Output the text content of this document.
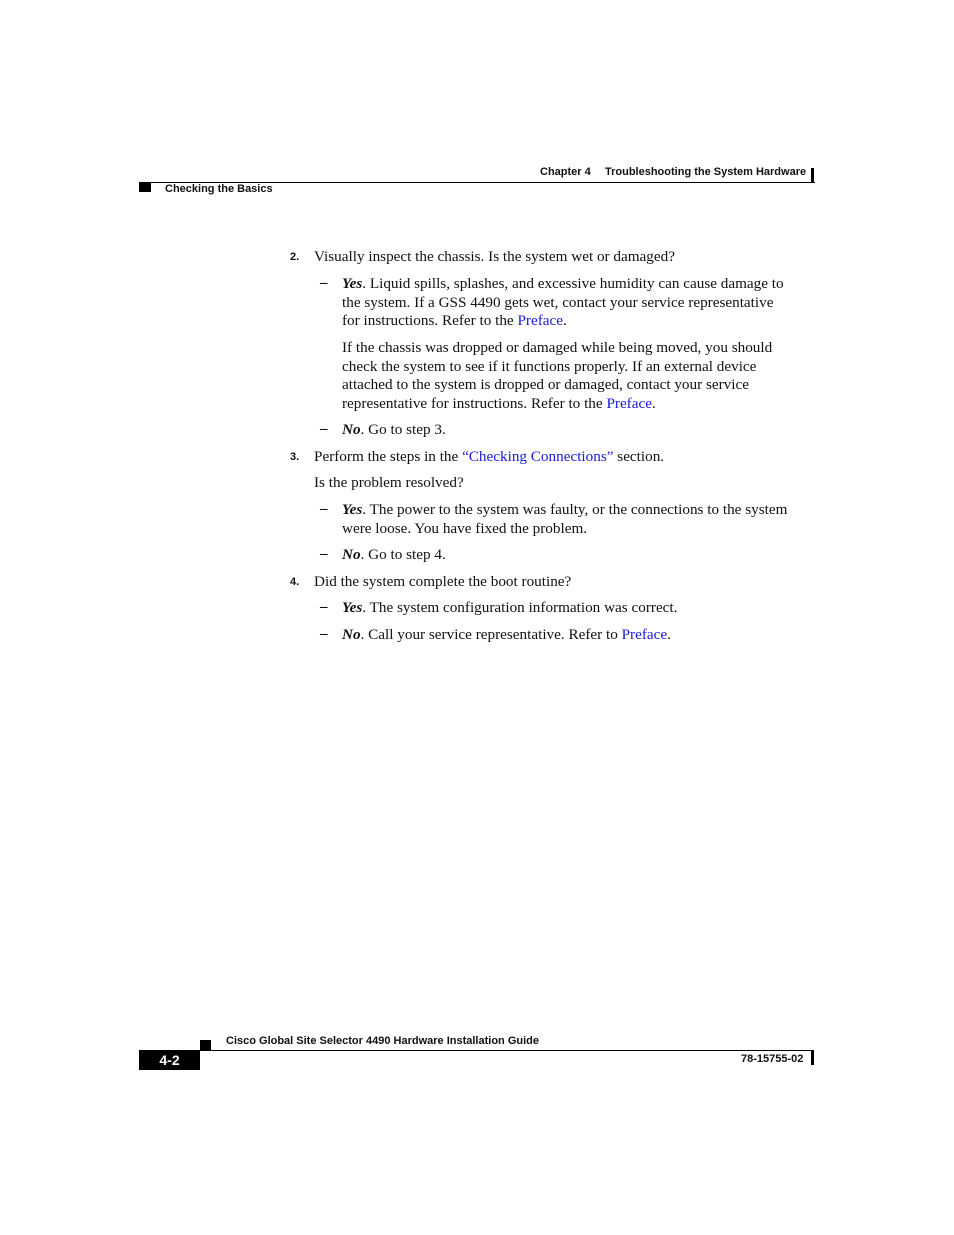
Chapter 4 Troubleshooting the System Hardware
Checking the Basics
2. Visually inspect the chassis. Is the system wet or damaged?
– Yes. Liquid spills, splashes, and excessive humidity can cause damage to
the system. If a GSS 4490 gets wet, contact your service representative
for instructions. Refer to the Preface.
If the chassis was dropped or damaged while being moved, you should
check the system to see if it functions properly. If an external device
attached to the system is dropped or damaged, contact your service
representative for instructions. Refer to the Preface.
– No. Go to step 3.
3. Perform the steps in the “Checking Connections” section.
Is the problem resolved?
– Yes. The power to the system was faulty, or the connections to the system
were loose. You have fixed the problem.
– No. Go to step 4.
4. Did the system complete the boot routine?
– Yes. The system configuration information was correct.
– No. Call your service representative. Refer to Preface.
Cisco Global Site Selector 4490 Hardware Installation Guide
4-2	78-15755-02
